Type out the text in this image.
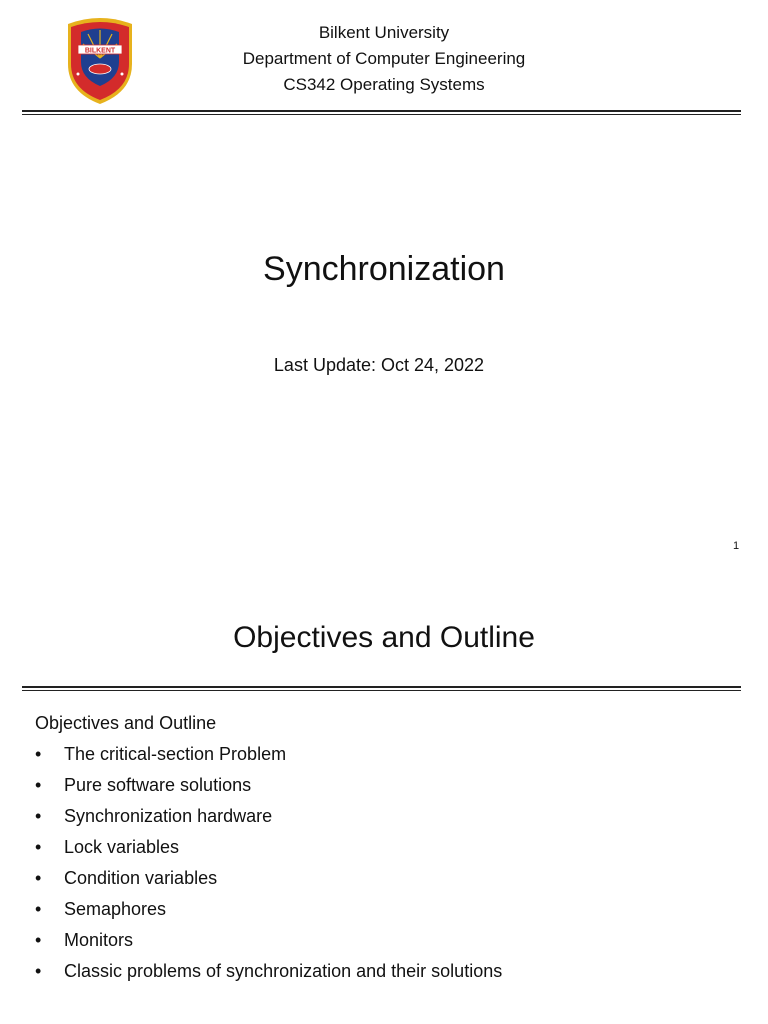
BILKENT
Bilkent University
Department of Computer Engineering
CS342 Operating Systems
Synchronization
Last Update: Oct 24, 2022
1
Objectives and Outline
Objectives and Outline
•	The critical-section Problem
•	Pure software solutions
•	Synchronization hardware
•	Lock variables
•	Condition variables
•	Semaphores
•	Monitors
•	Classic problems of synchronization and their solutions
